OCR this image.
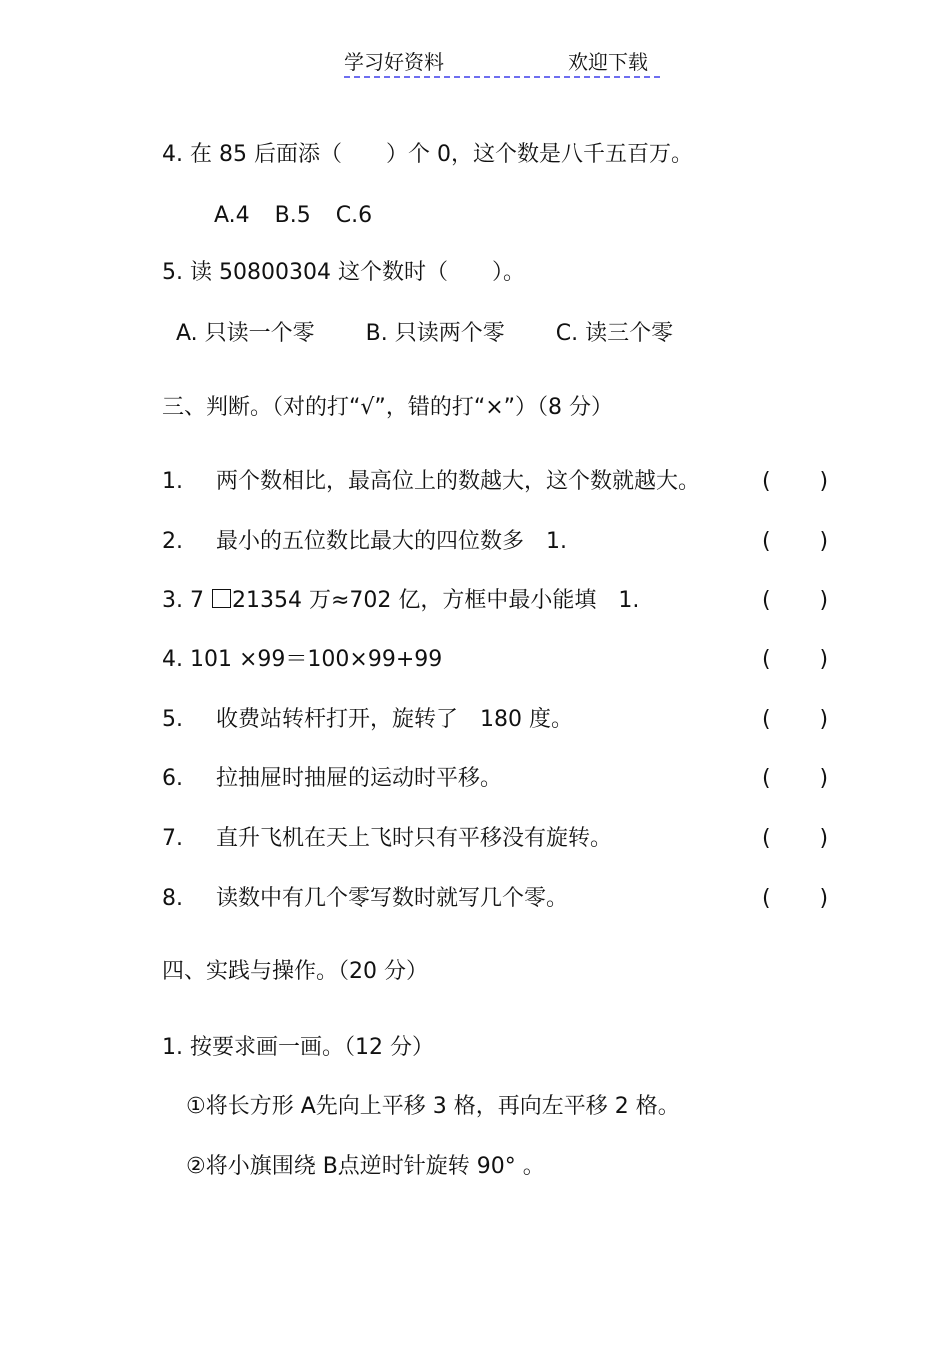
学习好资料	欢迎下载
4. 在 85 后面添（　　）个 0，这个数是八千五百万。
A.4 B.5 C.6
5. 读 50800304 这个数时（　　）。
A. 只读一个零 B. 只读两个零 C. 读三个零
三、判断。（对的打“√”，错的打“×”）（8 分）
1. 两个数相比，最高位上的数越大，这个数就越大。	(       )
2. 最小的五位数比最大的四位数多　1.	(       )
3. 7 21354 万≈702 亿，方框中最小能填　1.	(       )
4. 101 ×99＝100×99+99	(       )
5. 收费站转杆打开，旋转了　180 度。	(       )
6. 拉抽屉时抽屉的运动时平移。	(       )
7. 直升飞机在天上飞时只有平移没有旋转。	(       )
8. 读数中有几个零写数时就写几个零。	(       )
四、实践与操作。（20 分）
1. 按要求画一画。（12 分）
①将长方形 A先向上平移 3 格，再向左平移 2 格。
②将小旗围绕 B点逆时针旋转 90° 。
